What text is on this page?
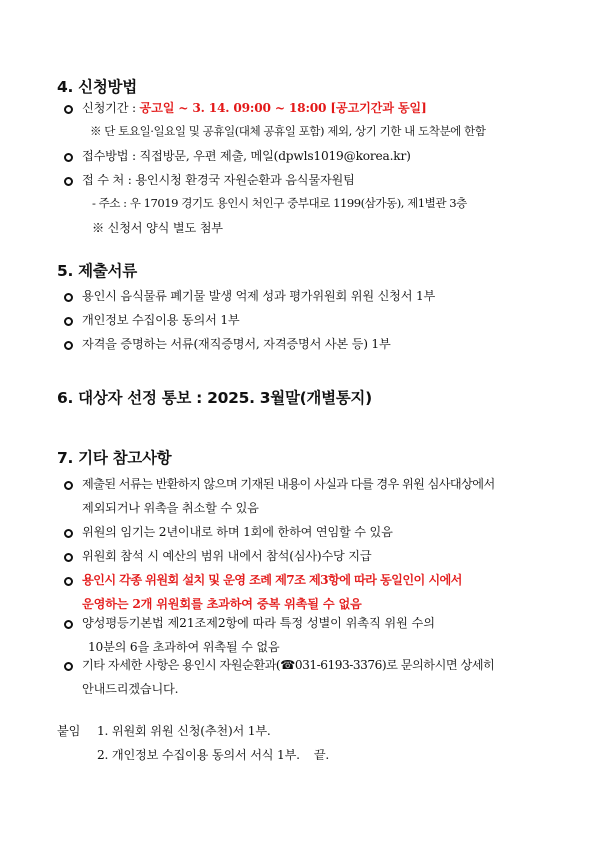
4. 신청방법
신청기간 : 공고일 ~ 3. 14. 09:00 ~ 18:00 [공고기간과 동일]
※ 단 토요일·일요일 및 공휴일(대체 공휴일 포함) 제외, 상기 기한 내 도착분에 한함
접수방법 : 직접방문, 우편 제출, 메일(dpwls1019@korea.kr)
접 수 처 : 용인시청 환경국 자원순환과 음식물자원팀
- 주소 : 우 17019 경기도 용인시 처인구 중부대로 1199(삼가동), 제1별관 3층
※ 신청서 양식 별도 첨부
5. 제출서류
용인시 음식물류 폐기물 발생 억제 성과 평가위원회 위원 신청서 1부
개인정보 수집이용 동의서 1부
자격을 증명하는 서류(재직증명서, 자격증명서 사본 등) 1부
6. 대상자 선정 통보 : 2025. 3월말(개별통지)
7. 기타 참고사항
제출된 서류는 반환하지 않으며 기재된 내용이 사실과 다를 경우 위원 심사대상에서
제외되거나 위촉을 취소할 수 있음
위원의 임기는 2년이내로 하며 1회에 한하여 연임할 수 있음
위원회 참석 시 예산의 범위 내에서 참석(심사)수당 지급
용인시 각종 위원회 설치 및 운영 조례 제7조 제3항에 따라 동일인이 시에서
운영하는 2개 위원회를 초과하여 중복 위촉될 수 없음
양성평등기본법 제21조제2항에 따라 특정 성별이 위촉직 위원 수의
10분의 6을 초과하여 위촉될 수 없음
기타 자세한 사항은 용인시 자원순환과(☎031-6193-3376)로 문의하시면 상세히
안내드리겠습니다.
붙임 1. 위원회 위원 신청(추천)서 1부.
2. 개인정보 수집이용 동의서 서식 1부. 끝.
